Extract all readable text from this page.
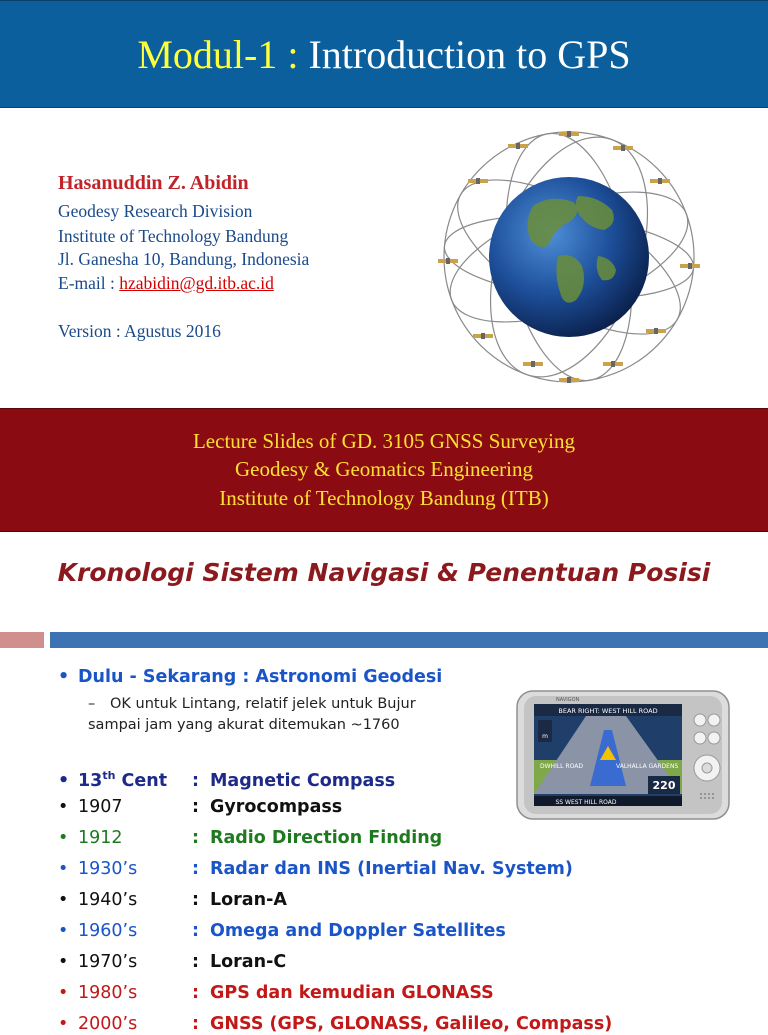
Modul-1 : Introduction to GPS
Hasanuddin Z. Abidin
Geodesy Research Division
Institute of Technology Bandung
Jl. Ganesha 10, Bandung, Indonesia
E-mail : hzabidin@gd.itb.ac.id
Version : Agustus 2016
Lecture Slides of GD. 3105 GNSS Surveying
Geodesy & Geomatics Engineering
Institute of Technology Bandung (ITB)
Kronologi Sistem Navigasi & Penentuan Posisi
• Dulu - Sekarang : Astronomi Geodesi
– OK untuk Lintang, relatif jelek untuk Bujur
sampai jam yang akurat ditemukan ~1760
BEAR RIGHT: WEST HILL ROAD
DWHILL ROAD	VALHALLA GARDENS
220
SS WEST HILL ROAD
m
NAVIGON
• 13th Cent : Magnetic Compass
• 1907	: Gyrocompass
• 1912	: Radio Direction Finding
• 1930’s	: Radar dan INS (Inertial Nav. System)
• 1940’s	: Loran-A
• 1960’s	: Omega and Doppler Satellites
• 1970’s	: Loran-C
• 1980’s	: GPS dan kemudian GLONASS
• 2000’s	: GNSS (GPS, GLONASS, Galileo, Compass)
